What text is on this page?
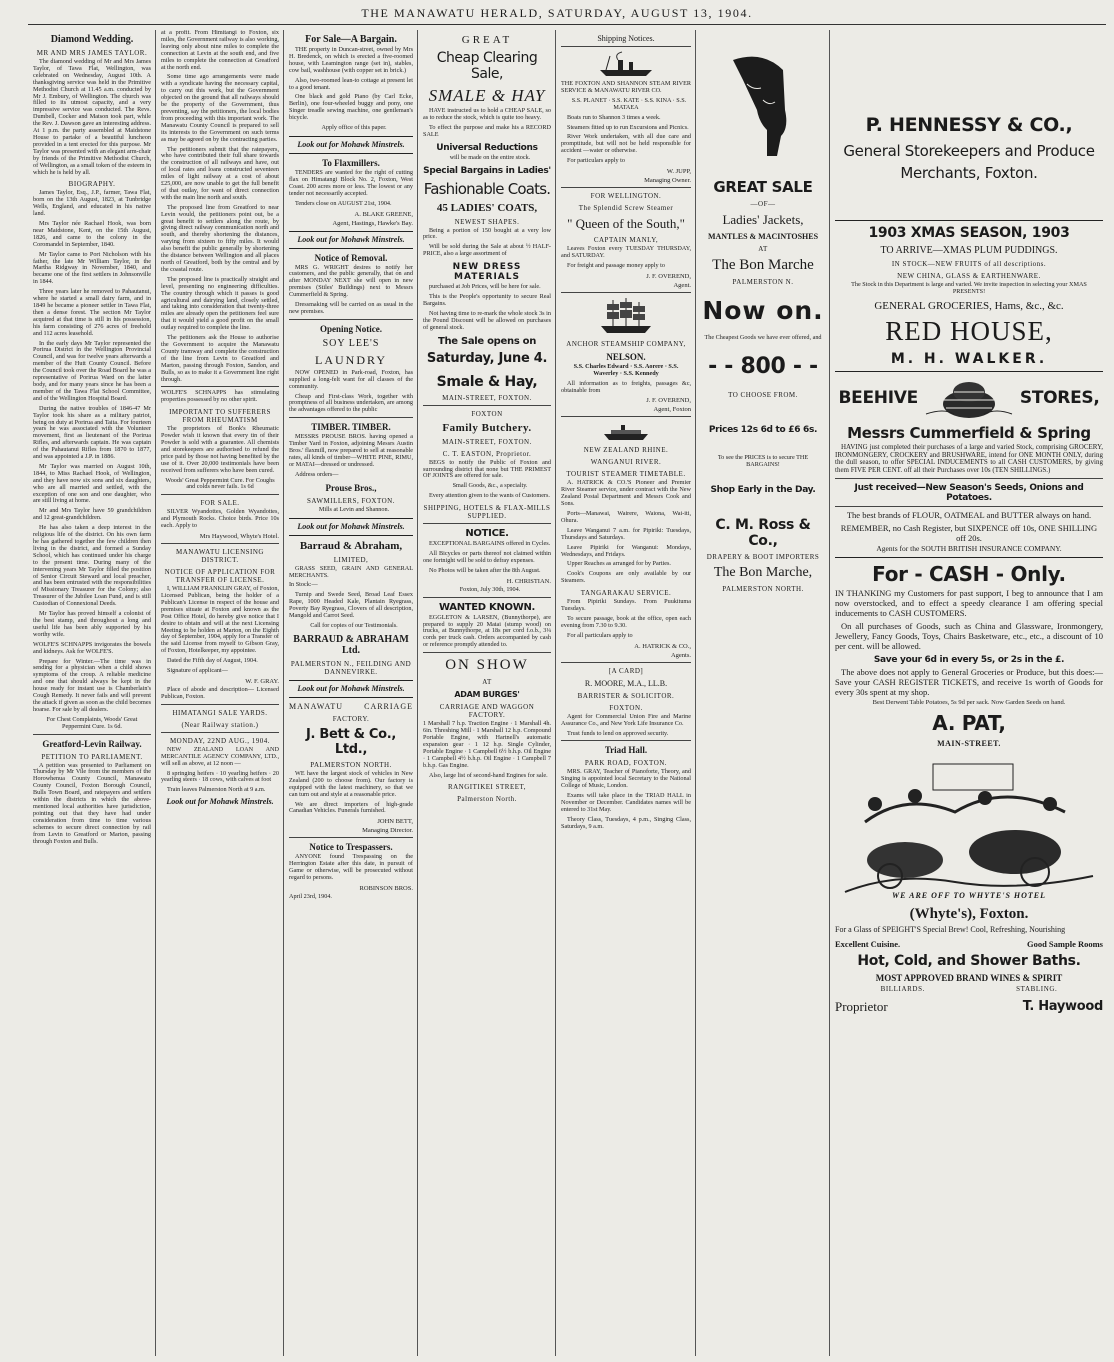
THE MANAWATU HERALD, SATURDAY, AUGUST 13, 1904.
Diamond Wedding.
MR AND MRS JAMES TAYLOR.

The diamond wedding of Mr and Mrs James Taylor, of Tawa Flat, Wellington, was celebrated on Wednesday, August 10th. A thanksgiving service was held in the Primitive Methodist Church at 11.45 a.m. conducted by Mr J. Embury, of Wellington. The church was filled to its utmost capacity, and a very impressive service was conducted. The Revs. Dumbell, Cocker and Matson took part, while the Rev. J. Dawson gave an interesting address. At 1 p.m. the party assembled at Maidstone House to partake of a beautiful luncheon provided in a tent erected for this purpose. Mr Taylor was presented with an elegant arm-chair by friends of the Primitive Methodist Church, of Wellington, as a small token of the esteem in which he is held by all.

BIOGRAPHY.

James Taylor, Esq., J.P., farmer, Tawa Flat, born on the 13th August, 1823, at Tunbridge Wells, England, and educated in his native land.

Mrs Taylor née Rachael Hook, was born near Maidstone, Kent, on the 15th August, 1826, and came to the colony in the Coromandel in September, 1840.

Mr Taylor came to Port Nicholson with his father, the late Mr William Taylor, in the Martha Ridgway in November, 1840, and became one of the first settlers in Johnsonville in 1844.

Three years later he removed to Pahautanui, where he started a small dairy farm, and in 1849 he became a pioneer settler in Tawa Flat, then a dense forest. The section Mr Taylor acquired at that time is still in his possession, his farm consisting of 276 acres of freehold and 112 acres leasehold.

In the early days Mr Taylor represented the Porirua District in the Wellington Provincial Council, and was for twelve years afterwards a member of the Hutt County Council. Before the Council took over the Road Board he was a representative of Porirua Ward on the latter body, and for many years since he has been a member of the Tawa Flat School Committee, and of the Wellington Hospital Board.

During the native troubles of 1846-47 Mr Taylor took his share as a military patriot, being on duty at Porirua and Taita. For fourteen years he was associated with the Volunteer movement, first as lieutenant of the Porirua Rifles, and afterwards captain. He was captain of the Pahautanui Rifles from 1870 to 1877, and was appointed a J.P. in 1886.

Mr Taylor was married on August 10th, 1844, to Miss Rachael Hook, of Wellington, and they have now six sons and six daughters, who are all married and settled, with the exception of one son and one daughter, who are still living at home.

Mr and Mrs Taylor have 59 grandchildren and 12 great-grandchildren.

He has also taken a deep interest in the religious life of the district. On his own farm he has gathered together the few children then living in the district, and formed a Sunday School, which has continued under his charge to the present time. During many of the intervening years Mr Taylor filled the position of Senior Circuit Steward and local preacher, and has been entrusted with the responsibilities of Missionary Treasurer for the Colony; also Treasurer of the Jubilee Loan Fund, and is still Custodian of Connexional Deeds.

Mr Taylor has proved himself a colonist of the best stamp, and throughout a long and useful life has been ably supported by his worthy wife.

WOLFE'S SCHNAPPS invigorates the bowels and kidneys. Ask for WOLFE'S.

Prepare for Winter.—The time was in sending for a physician when a child shows symptoms of the croup. A reliable medicine and one that should always be kept in the house ready for instant use is Chamberlain's Cough Remedy. It never fails and will prevent the attack if given as soon as the child becomes hoarse. For sale by all dealers.

For Chest Complaints, Woods' Great Peppermint Cure. 1s 6d.

Greatford-Levin Railway.
PETITION TO PARLIAMENT.

A petition was presented to Parliament on Thursday by Mr Vile from the members of the Horowhenua County Council, Manawatu County Council, Foxton Borough Council, Bulls Town Board, and ratepayers and settlers within the districts in which the above-mentioned local authorities have jurisdiction, pointing out that they have had under consideration from time to time various schemes to secure direct connection by rail from Levin to Greatford or Marton, passing through Foxton and Bulls.

at a profit. From Himitangi to Foxton, six miles, the Government railway is also working, leaving only about nine miles to complete the connection at Levin at the south end, and five miles to complete the connection at Greatford at the north end.

Some time ago arrangements were made with a syndicate having the necessary capital, to carry out this work, but the Government objected on the ground that all railways should be the property of the Government, thus preventing, say the petitioners, the local bodies from proceeding with this important work. The Manawatu County Council is prepared to sell its interests to the Government on such terms as may be agreed on by the contracting parties.

The petitioners submit that the ratepayers, who have contributed their full share towards the construction of all railways and have, out of local rates and loans constructed seventeen miles of light railway at a cost of about £25,000, are now unable to get the full benefit of that outlay, for want of direct connection with the main line north and south.

The proposed line from Greatford to near Levin would, the petitioners point out, be a great benefit to settlers along the route, by giving direct railway communication north and south, and thereby shortening the distances, varying from sixteen to fifty miles. It would also benefit the public generally by shortening the distance between Wellington and all places north of Greatford, both by the central and by the coastal route.

The proposed line is practically straight and level, presenting no engineering difficulties. The country through which it passes is good agricultural and dairying land, closely settled, and taking into consideration that twenty-three miles are already open the petitioners feel sure that it would yield a good profit on the small outlay required to complete the line.

The petitioners ask the House to authorise the Government to acquire the Manawatu County tramway and complete the construction of the line from Levin to Greatford and Marton, passing through Foxton, Sandon, and Bulls, so as to make it a Government line right through.

WOLFE'S SCHNAPPS has stimulating properties possessed by no other spirit.

IMPORTANT TO SUFFERERS FROM RHEUMATISM

The proprietors of Bonk's Rheumatic Powder wish it known that every tin of their Powder is sold with a guarantee. All chemists and storekeepers are authorised to refund the price paid by those not having benefited by the use of it. Over 20,000 testimonials have been received from sufferers who have been cured.

Woods' Great Peppermint Cure. For Coughs and colds never fails. 1s 6d

FOR SALE.

SILVER Wyandottes, Golden Wyandottes, and Plymouth Rocks. Choice birds. Price 10s each. Apply to

Mrs Haywood, Whyte's Hotel.

MANAWATU LICENSING DISTRICT.
NOTICE OF APPLICATION FOR TRANSFER OF LICENSE.

I, WILLIAM FRANKLIN GRAY, of Foxton, Licensed Publican, being the holder of a Publican's License in respect of the house and premises situate at Foxton and known as the Post Office Hotel, do hereby give notice that I desire to obtain and will at the next Licensing Meeting to be holden at Marton, on the Eighth day of September, 1904, apply for a Transfer of the said License from myself to Gibson Gray, of Foxton, Hotelkeeper, my appointee.

Dated the Fifth day of August, 1904.

Signature of applicant—

W. F. GRAY.

Place of abode and description— Licensed Publican, Foxton.

HIMATANGI SALE YARDS.
(Near Railway station.)
MONDAY, 22ND AUG., 1904.

NEW ZEALAND LOAN AND MERCANTILE AGENCY COMPANY, LTD., will sell as above, at 12 noon —

8 springing heifers · 10 yearling heifers · 20 yearling steers · 18 cows, with calves at foot

Train leaves Palmerston North at 9 a.m.

Look out for Mohawk Minstrels.
For Sale—A Bargain.

THE property in Duncan-street, owned by Mrs H. Bredenck, on which is erected a five-roomed house, with Leamington range (set in), stables, cow bail, washhouse (with copper set in brick.)

Also, two-roomed lean-to cottage at present let to a good tenant.

One black and gold Piano (by Carl Ecke, Berlin), one four-wheeled buggy and pony, one Singer treadle sewing machine, one gentleman's bicycle.

Apply office of this paper.

Look out for Mohawk Minstrels.
To Flaxmillers.

TENDERS are wanted for the right of cutting flax on Himatangi Block No. 2, Foxton, West Coast. 200 acres more or less. The lowest or any tender not necessarily accepted.

Tenders close on AUGUST 21st, 1904.

A. BLAKE GREENE,

Agent, Hastings, Hawke's Bay.

Look out for Mohawk Minstrels.
Notice of Removal.

MRS G. WRIGHT desires to notify her customers, and the public generally, that on and after MONDAY NEXT she will open in new premises (Stiles' Buildings) next to Messrs Cummerfield & Spring.

Dressmaking will be carried on as usual in the new premises.

Opening Notice.
SOY LEE'S
LAUNDRY

NOW OPENED in Park-road, Foxton, has supplied a long-felt want for all classes of the community.

Cheap and First-class Work, together with promptness of all business undertaken, are among the advantages offered to the public

TIMBER. TIMBER.

MESSRS PROUSE BROS. having opened a Timber Yard in Foxton, adjoining Messrs Austin Bros.' flaxmill, now prepared to sell at reasonable rates, all kinds of timber—WHITE PINE, RIMU, or MATAI—dressed or undressed.

Address orders—

Prouse Bros.,
SAWMILLERS, FOXTON.

Mills at Levin and Shannon.

Look out for Mohawk Minstrels.
Barraud & Abraham,
LIMITED,

GRASS SEED, GRAIN AND GENERAL MERCHANTS.

In Stock:—

Turnip and Swede Seed, Broad Leaf Essex Rape, 1000 Headed Kale, Plantain Ryegrass, Poverty Bay Ryegrass, Clovers of all description, Mangold and Carrot Seed.

Call for copies of our Testimonials.

BARRAUD & ABRAHAM Ltd.
PALMERSTON N., FEILDING AND DANNEVIRKE.
Look out for Mohawk Minstrels.
MANAWATU	CARRIAGE
FACTORY.
J. Bett & Co., Ltd.,
PALMERSTON NORTH.

WE have the largest stock of vehicles in New Zealand (200 to choose from). Our factory is equipped with the latest machinery, so that we can turn out and style at a reasonable price.

We are direct importers of high-grade Canadian Vehicles. Funerals furnished.

JOHN BETT,

Managing Director.

Notice to Trespassers.

ANYONE found Trespassing on the Herrington Estate after this date, in pursuit of Game or otherwise, will be prosecuted without regard to persons.

ROBINSON BROS.

April 23rd, 1904.

GREAT
Cheap Clearing Sale,
SMALE & HAY

HAVE instructed us to hold a CHEAP SALE, so as to reduce the stock, which is quite too heavy.

To effect the purpose and make his a RECORD SALE

Universal Reductions

will be made on the entire stock.

Special Bargains in Ladies'
Fashionable Coats.
45 LADIES' COATS,
NEWEST SHAPES.

Being a portion of 150 bought at a very low price.

Will be sold during the Sale at about ½ HALF-PRICE, also a large assortment of

NEW DRESS MATERIALS

purchased at Job Prices, will be here for sale.

This is the People's opportunity to secure Real Bargains.

Not having time to re-mark the whole stock 3s in the Pound Discount will be allowed on purchases of general stock.

The Sale opens on
Saturday, June 4.
Smale & Hay,
MAIN-STREET, FOXTON.
FOXTON
Family Butchery.
MAIN-STREET, FOXTON.
C. T. EASTON, Proprietor.

BEGS to notify the Public of Foxton and surrounding district that none but THE PRIMEST OF JOINTS are offered for sale.

Small Goods, &c., a specialty.

Every attention given to the wants of Customers.

SHIPPING, HOTELS & FLAX-MILLS SUPPLIED.
NOTICE.

EXCEPTIONAL BARGAINS offered in Cycles.

All Bicycles or parts thereof not claimed within one fortnight will be sold to defray expenses.

No Photos will be taken after the 8th August.

H. CHRISTIAN.

Foxton, July 30th, 1904.

WANTED KNOWN.

EGGLETON & LARSEN, (Bunnythorpe), are prepared to supply 20 Matai (stump wood) on trucks, at Bunnythorpe, at 18s per cord f.o.b., 3¼ cords per truck cash. Orders accompanied by cash or reference promptly attended to.

ON SHOW
AT
ADAM BURGES'
CARRIAGE AND WAGGON FACTORY.

1 Marshall 7 h.p. Traction Engine · 1 Marshall 4h. 6in. Threshing Mill · 1 Marshall 12 h.p. Compound Portable Engine, with Hartnell's automatic expansion gear · 1 12 h.p. Single Cylinder, Portable Engine · 1 Campbell 6½ b.h.p. Oil Engine · 1 Campbell 4½ b.h.p. Oil Engine · 1 Campbell 7 b.h.p. Gas Engine.

Also, large list of second-hand Engines for sale.

RANGITIKEI STREET,
Palmerston North.
Shipping Notices.

THE FOXTON AND SHANNON STEAM RIVER SERVICE & MANAWATU RIVER CO.

S.S. PLANET · S.S. KATE · S.S. KINA · S.S. MATAEA

Boats run to Shannon 3 times a week.

Steamers fitted up to run Excursions and Picnics.

River Work undertaken, with all due care and promptitude, but will not be held responsible for accident —water or otherwise.

For particulars apply to

W. JUPP,

Managing Owner.

FOR WELLINGTON.
The Splendid Screw Steamer
" Queen of the South,"
CAPTAIN MANLY,

Leaves Foxton every TUESDAY THURSDAY, and SATURDAY.

For freight and passage money apply to

J. F. OVEREND,

Agent.

ANCHOR STEAMSHIP COMPANY,
NELSON.

S.S. Charles Edward · S.S. Aorere · S.S. Waverley · S.S. Kennedy

All information as to freights, passages &c, obtainable from

J. F. OVEREND,

Agent, Foxton

NEW ZEALAND RHINE.
WANGANUI RIVER.
TOURIST STEAMER TIMETABLE.

A. HATRICK & CO.'S Pioneer and Premier River Steamer service, under contract with the New Zealand Postal Department and Messrs Cook and Sons.

Ports—Manawai, Wairere, Waiona, Wai-iti, Ohura.

Leave Wanganui 7 a.m. for Pipiriki: Tuesdays, Thursdays and Saturdays.

Leave Pipiriki for Wanganui: Mondays, Wednesdays, and Fridays.

Upper Reaches as arranged for by Parties.

Cook's Coupons are only available by our Steamers.

TANGARAKAU SERVICE.

From Pipiriki Sundays. From Puukituma Tuesdays.

To secure passage, book at the office, open each evening from 7.30 to 9.30.

For all particulars apply to

A. HATRICK & CO.,

Agents.

[A CARD]
R. MOORE, M.A., LL.B.
BARRISTER & SOLICITOR.
FOXTON.

Agent for Commercial Union Fire and Marine Assurance Co., and New York Life Insurance Co.

Trust funds to lend on approved security.

Triad Hall.
PARK ROAD, FOXTON.

MRS. GRAY, Teacher of Pianoforte, Theory, and Singing is appointed local Secretary to the National College of Music, London.

Exams will take place in the TRIAD HALL in November or December. Candidates names will be entered to 31st May.

Theory Class, Tuesdays, 4 p.m., Singing Class, Saturdays, 9 a.m.

GREAT SALE
—OF—
Ladies' Jackets,
MANTLES & MACINTOSHES
AT
The Bon Marche
PALMERSTON N.
Now on.

The Cheapest Goods we have ever offered, and

- - 800 - -
TO CHOOSE FROM.
Prices 12s 6d to £6 6s.

To see the PRICES is to secure THE BARGAINS!

Shop Early in the Day.
C. M. Ross & Co.,
DRAPERY & BOOT IMPORTERS
The Bon Marche,
PALMERSTON NORTH.
P. HENNESSY & CO.,
General Storekeepers and Produce Merchants, Foxton.
1903 XMAS SEASON, 1903
TO ARRIVE—XMAS PLUM PUDDINGS.
IN STOCK—NEW FRUITS of all descriptions.
NEW CHINA, GLASS & EARTHENWARE.

The Stock in this Department is large and varied. We invite inspection in selecting your XMAS PRESENTS!

GENERAL GROCERIES, Hams, &c., &c.
RED HOUSE,
M. H. WALKER.
BEEHIVE	STORES,
Messrs Cummerfield & Spring

HAVING just completed their purchases of a large and varied Stock, comprising GROCERY, IRONMONGERY, CROCKERY and BRUSHWARE, intend for ONE MONTH ONLY, during the dull season, to offer SPECIAL INDUCEMENTS to all CASH CUSTOMERS, by giving them FIVE PER CENT. off all their Purchases over 10s (TEN SHILLINGS.)

Just received—New Season's Seeds, Onions and Potatoes.

The best brands of FLOUR, OATMEAL and BUTTER always on hand.

REMEMBER, no Cash Register, but SIXPENCE off 10s, ONE SHILLING off 20s.

Agents for the SOUTH BRITISH INSURANCE COMPANY.

For - CASH - Only.

IN THANKING my Customers for past support, I beg to announce that I am now overstocked, and to effect a speedy clearance I am offering special inducements to CASH CUSTOMERS.

On all purchases of Goods, such as China and Glassware, Ironmongery, Jewellery, Fancy Goods, Toys, Chairs Basketware, etc., etc., a discount of 10 per cent. will be allowed.

Save your 6d in every 5s, or 2s in the £.

The above does not apply to General Groceries or Produce, but this does:—Save your CASH REGISTER TICKETS, and receive 1s worth of Goods for every 30s spent at my shop.

Best Derwent Table Potatoes, 5s 9d per sack. Now Garden Seeds on hand.

A. PAT,
MAIN-STREET.
WE ARE OFF TO WHYTE'S HOTEL
(Whyte's), Foxton.

For a Glass of SPEIGHT'S Special Brew! Cool, Refreshing, Nourishing

Excellent Cuisine.	Good Sample Rooms
Hot, Cold, and Shower Baths.
MOST APPROVED BRAND WINES & SPIRIT
BILLIARDS.	STABLING.
Proprietor	T. Haywood
